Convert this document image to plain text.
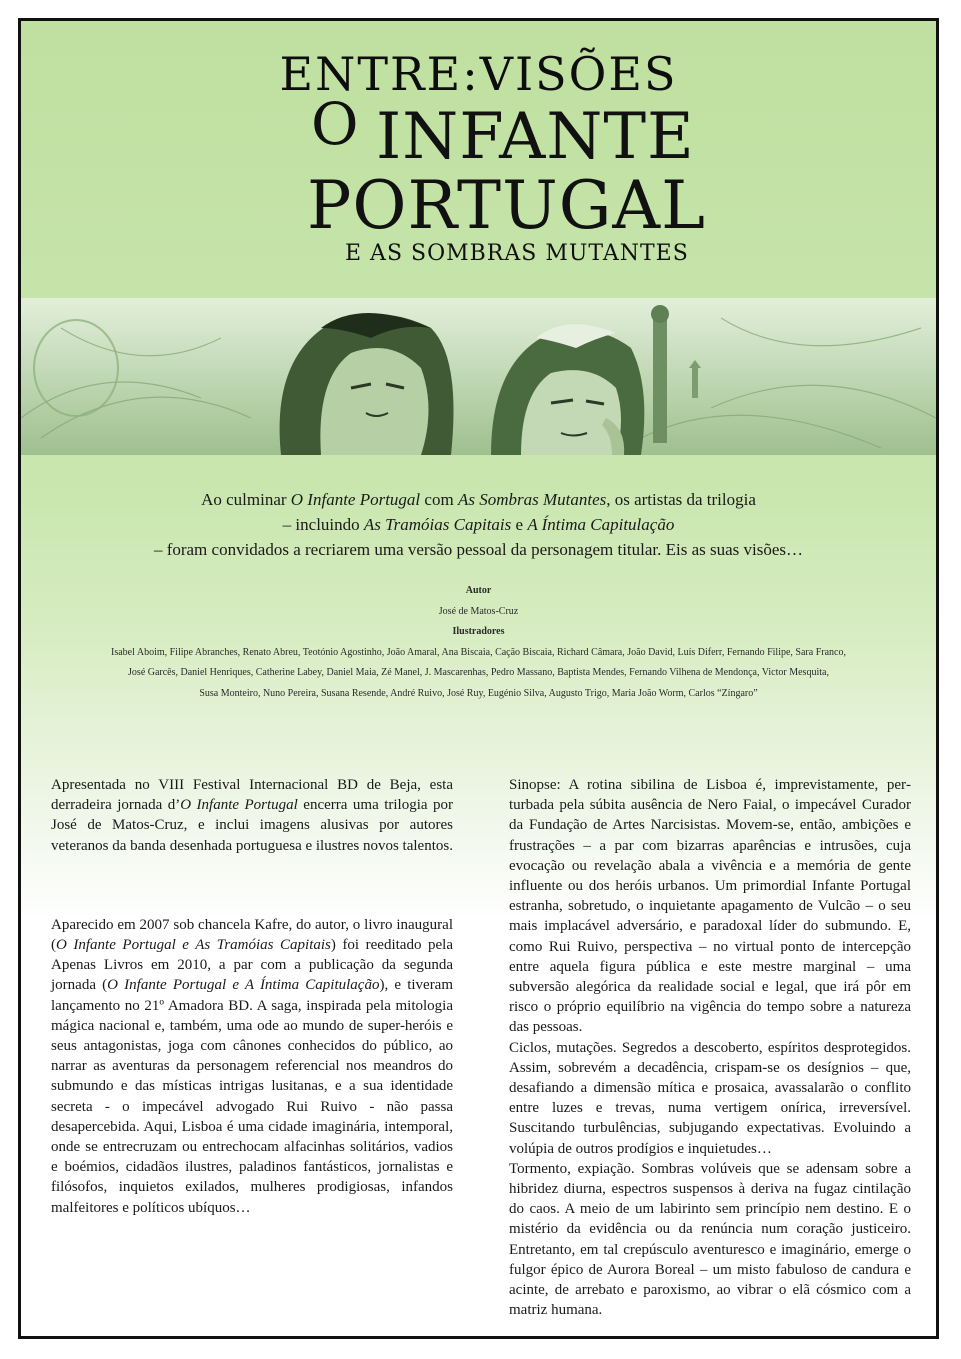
ENTRE:VISÕES
O INFANTE
PORTUGAL
E AS SOMBRAS MUTANTES
Ao culminar O Infante Portugal com As Sombras Mutantes, os artistas da trilogia
– incluindo As Tramóias Capitais e A Íntima Capitulação
– foram convidados a recriarem uma versão pessoal da personagem titular. Eis as suas visões…
Autor
José de Matos-Cruz
Ilustradores
Isabel Aboim, Filipe Abranches, Renato Abreu, Teotónio Agostinho, João Amaral, Ana Biscaia, Cação Biscaia, Richard Câmara, João David, Luís Diferr, Fernando Filipe, Sara Franco,
José Garcês, Daniel Henriques, Catherine Labey, Daniel Maia, Zé Manel, J. Mascarenhas, Pedro Massano, Baptista Mendes, Fernando Vilhena de Mendonça, Victor Mesquita,
Susa Monteiro, Nuno Pereira, Susana Resende, André Ruivo, José Ruy, Eugénio Silva, Augusto Trigo, Maria João Worm, Carlos “Zíngaro”

Apresentada no VIII Festival Internacional BD de Beja, esta derradeira jornada d’O Infante Portugal encerra uma trilogia por José de Matos-Cruz, e inclui imagens alusivas por autores veteranos da banda desenhada portuguesa e ilustres novos talentos.

Aparecido em 2007 sob chancela Kafre, do autor, o livro inaugural (O Infante Portugal e As Tramóias Capitais) foi reeditado pela Apenas Livros em 2010, a par com a publicação da segunda jornada (O Infante Portugal e A Íntima Capitulação), e tiveram lançamento no 21º Amadora BD. A saga, inspirada pela mitologia mágica nacional e, também, uma ode ao mundo de super-heróis e seus antagonistas, joga com cânones conhecidos do público, ao narrar as aventuras da personagem referencial nos meandros do submundo e das místicas intrigas lusitanas, e a sua identidade secreta - o impecável advogado Rui Ruivo - não passa desapercebida. Aqui, Lisboa é uma cidade imaginária, intemporal, onde se entrecruzam ou entrechocam alfacinhas solitários, vadios e boémios, cidadãos ilustres, paladinos fantásticos, jornalistas e filósofos, inquietos exilados, mulheres prodigiosas, infandos malfeitores e políticos ubíquos…

Sinopse: A rotina sibilina de Lisboa é, imprevistamente, perturbada pela súbita ausência de Nero Faial, o impecável Curador da Fundação de Artes Narcisistas. Movem-se, então, ambições e frustrações – a par com bizarras aparências e intrusões, cuja evocação ou revelação abala a vivência e a memória de gente influente ou dos heróis urbanos. Um primordial Infante Portugal estranha, sobretudo, o inquietante apagamento de Vulcão – o seu mais implacável adversário, e paradoxal líder do submundo. E, como Rui Ruivo, perspectiva – no virtual ponto de intercepção entre aquela figura pública e este mestre marginal – uma subversão alegórica da realidade social e legal, que irá pôr em risco o próprio equilíbrio na vigência do tempo sobre a natureza das pessoas.

Ciclos, mutações. Segredos a descoberto, espíritos desprotegidos. Assim, sobrevém a decadência, crispam-se os desígnios – que, desafiando a dimensão mítica e prosaica, avassalarão o conflito entre luzes e trevas, numa vertigem onírica, irreversível. Suscitando turbulências, subjugando expectativas. Evoluindo a volúpia de outros prodígios e inquietudes…

Tormento, expiação. Sombras volúveis que se adensam sobre a hibridez diurna, espectros suspensos à deriva na fugaz cintilação do caos. A meio de um labirinto sem princípio nem destino. E o mistério da evidência ou da renúncia num coração justiceiro. Entretanto, em tal crepúsculo aventuresco e imaginário, emerge o fulgor épico de Aurora Boreal – um misto fabuloso de candura e acinte, de arrebato e paroxismo, ao vibrar o elã cósmico com a matriz humana.
